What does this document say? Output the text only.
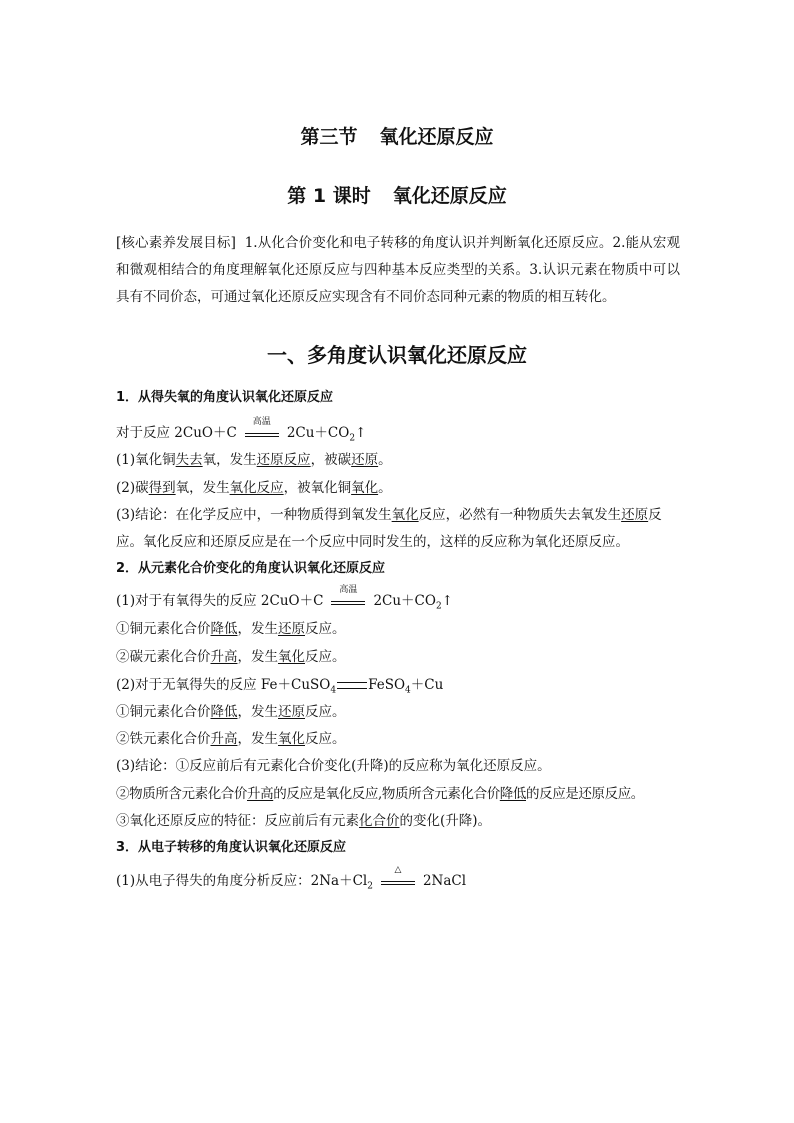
第三节 氧化还原反应
第 1 课时 氧化还原反应
[核心素养发展目标] 1.从化合价变化和电子转移的角度认识并判断氧化还原反应。2.能从宏观和微观相结合的角度理解氧化还原反应与四种基本反应类型的关系。3.认识元素在物质中可以具有不同价态，可通过氧化还原反应实现含有不同价态同种元素的物质的相互转化。
一、多角度认识氧化还原反应
1．从得失氧的角度认识氧化还原反应
对于反应 2CuO＋C
高温
$2Cu+CO_2↑$
(1)氧化铜失去氧，发生还原反应，被碳还原。
(2)碳得到氧，发生氧化反应，被氧化铜氧化。
(3)结论：在化学反应中，一种物质得到氧发生氧化反应，必然有一种物质失去氧发生还原反
应。氧化反应和还原反应是在一个反应中同时发生的，这样的反应称为氧化还原反应。
2．从元素化合价变化的角度认识氧化还原反应
(1)对于有氧得失的反应 2CuO＋C
高温
$2Cu+CO_2↑$
①铜元素化合价降低，发生还原反应。
②碳元素化合价升高，发生氧化反应。
(2)对于无氧得失的反应 Fe＋CuSO$_4$ FeSO$_4$＋Cu
①铜元素化合价降低，发生还原反应。
②铁元素化合价升高，发生氧化反应。
(3)结论：①反应前后有元素化合价变化(升降)的反应称为氧化还原反应。
②物质所含元素化合价升高的反应是氧化反应,物质所含元素化合价降低的反应是还原反应。
③氧化还原反应的特征：反应前后有元素化合价的变化(升降)。
3．从电子转移的角度认识氧化还原反应
(1)从电子得失的角度分析反应：$2Na+Cl_2$
△
2NaCl
